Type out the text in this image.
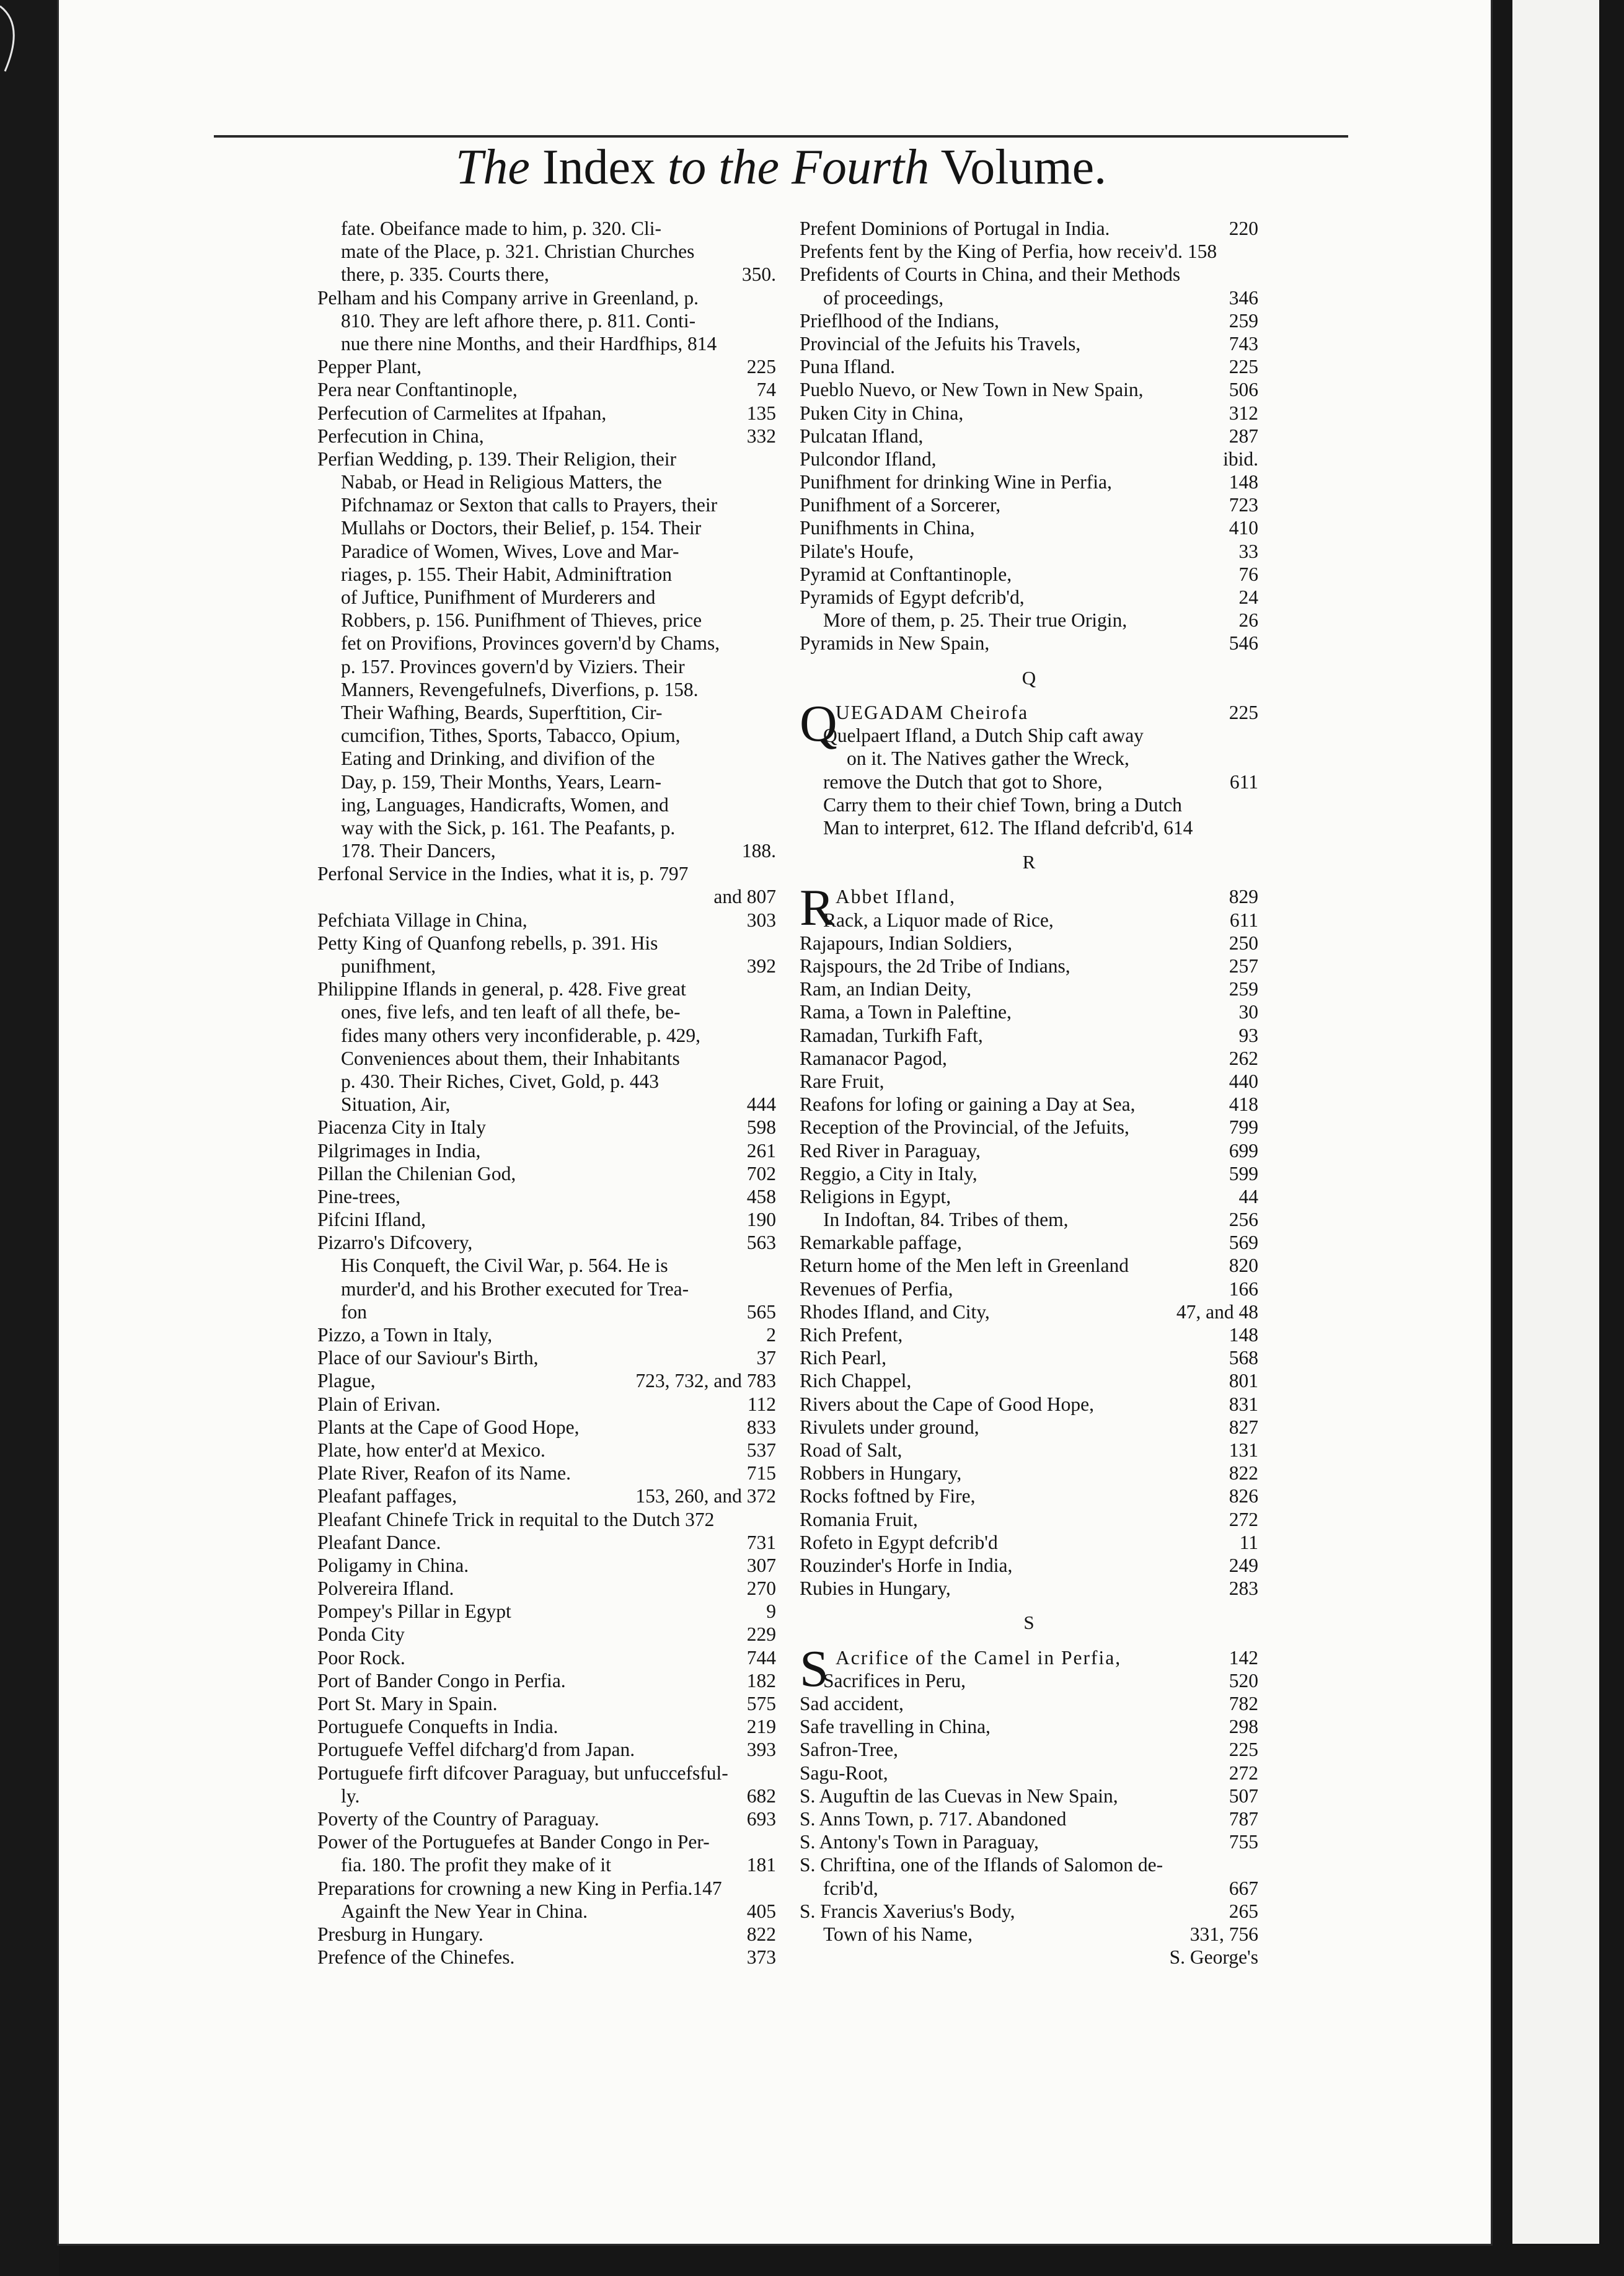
The Index to the Fourth Volume.
fate. Obeifance made to him, p. 320. Cli-
mate of the Place, p. 321. Christian Churches
there, p. 335. Courts there,	350.
Pelham and his Company arrive in Greenland, p.
810. They are left afhore there, p. 811. Conti-
nue there nine Months, and their Hardfhips, 814
Pepper Plant,	225
Pera near Conftantinople,	74
Perfecution of Carmelites at Ifpahan,	135
Perfecution in China,	332
Perfian Wedding, p. 139. Their Religion, their
Nabab, or Head in Religious Matters, the
Pifchnamaz or Sexton that calls to Prayers, their
Mullahs or Doctors, their Belief, p. 154. Their
Paradice of Women, Wives, Love and Mar-
riages, p. 155. Their Habit, Adminiftration
of Juftice, Punifhment of Murderers and
Robbers, p. 156. Punifhment of Thieves, price
fet on Provifions, Provinces govern'd by Chams,
p. 157. Provinces govern'd by Viziers. Their
Manners, Revengefulnefs, Diverfions, p. 158.
Their Wafhing, Beards, Superftition, Cir-
cumcifion, Tithes, Sports, Tabacco, Opium,
Eating and Drinking, and divifion of the
Day, p. 159, Their Months, Years, Learn-
ing, Languages, Handicrafts, Women, and
way with the Sick, p. 161. The Peafants, p.
178. Their Dancers,	188.
Perfonal Service in the Indies, what it is, p. 797
and 807
Pefchiata Village in China,	303
Petty King of Quanfong rebells, p. 391. His
punifhment,	392
Philippine Iflands in general, p. 428. Five great
ones, five lefs, and ten leaft of all thefe, be-
fides many others very inconfiderable, p. 429,
Conveniences about them, their Inhabitants
p. 430. Their Riches, Civet, Gold, p. 443
Situation, Air,	444
Piacenza City in Italy	598
Pilgrimages in India,	261
Pillan the Chilenian God,	702
Pine-trees,	458
Pifcini Ifland,	190
Pizarro's Difcovery,	563
His Conqueft, the Civil War, p. 564. He is
murder'd, and his Brother executed for Trea-
fon	565
Pizzo, a Town in Italy,	2
Place of our Saviour's Birth,	37
Plague,	723, 732, and 783
Plain of Erivan.	112
Plants at the Cape of Good Hope,	833
Plate, how enter'd at Mexico.	537
Plate River, Reafon of its Name.	715
Pleafant paffages,	153, 260, and 372
Pleafant Chinefe Trick in requital to the Dutch 372
Pleafant Dance.	731
Poligamy in China.	307
Polvereira Ifland.	270
Pompey's Pillar in Egypt	9
Ponda City	229
Poor Rock.	744
Port of Bander Congo in Perfia.	182
Port St. Mary in Spain.	575
Portuguefe Conquefts in India.	219
Portuguefe Veffel difcharg'd from Japan.	393
Portuguefe firft difcover Paraguay, but unfuccefsful-
ly.	682
Poverty of the Country of Paraguay.	693
Power of the Portuguefes at Bander Congo in Per-
fia. 180. The profit they make of it	181
Preparations for crowning a new King in Perfia.147
Againft the New Year in China.	405
Presburg in Hungary.	822
Prefence of the Chinefes.	373
Prefent Dominions of Portugal in India.	220
Prefents fent by the King of Perfia, how receiv'd. 158
Prefidents of Courts in China, and their Methods
of proceedings,	346
Prieflhood of the Indians,	259
Provincial of the Jefuits his Travels,	743
Puna Ifland.	225
Pueblo Nuevo, or New Town in New Spain,	506
Puken City in China,	312
Pulcatan Ifland,	287
Pulcondor Ifland,	ibid.
Punifhment for drinking Wine in Perfia,	148
Punifhment of a Sorcerer,	723
Punifhments in China,	410
Pilate's Houfe,	33
Pyramid at Conftantinople,	76
Pyramids of Egypt defcrib'd,	24
More of them, p. 25. Their true Origin,	26
Pyramids in New Spain,	546
Q
Q
UEGADAM Cheirofa	225
Quelpaert Ifland, a Dutch Ship caft away
on it. The Natives gather the Wreck,
remove the Dutch that got to Shore,	611
Carry them to their chief Town, bring a Dutch
Man to interpret, 612. The Ifland defcrib'd, 614
R
R Abbet Ifland,	829
Rack, a Liquor made of Rice,	611
Rajapours, Indian Soldiers,	250
Rajspours, the 2d Tribe of Indians,	257
Ram, an Indian Deity,	259
Rama, a Town in Paleftine,	30
Ramadan, Turkifh Faft,	93
Ramanacor Pagod,	262
Rare Fruit,	440
Reafons for lofing or gaining a Day at Sea,	418
Reception of the Provincial, of the Jefuits,	799
Red River in Paraguay,	699
Reggio, a City in Italy,	599
Religions in Egypt,	44
In Indoftan, 84. Tribes of them,	256
Remarkable paffage,	569
Return home of the Men left in Greenland	820
Revenues of Perfia,	166
Rhodes Ifland, and City,	47, and 48
Rich Prefent,	148
Rich Pearl,	568
Rich Chappel,	801
Rivers about the Cape of Good Hope,	831
Rivulets under ground,	827
Road of Salt,	131
Robbers in Hungary,	822
Rocks foftned by Fire,	826
Romania Fruit,	272
Rofeto in Egypt defcrib'd	11
Rouzinder's Horfe in India,	249
Rubies in Hungary,	283
S
S Acrifice of the Camel in Perfia,	142
Sacrifices in Peru,	520
Sad accident,	782
Safe travelling in China,	298
Safron-Tree,	225
Sagu-Root,	272
S. Auguftin de las Cuevas in New Spain,	507
S. Anns Town, p. 717. Abandoned	787
S. Antony's Town in Paraguay,	755
S. Chriftina, one of the Iflands of Salomon de-
fcrib'd,	667
S. Francis Xaverius's Body,	265
Town of his Name,	331, 756
S. George's
